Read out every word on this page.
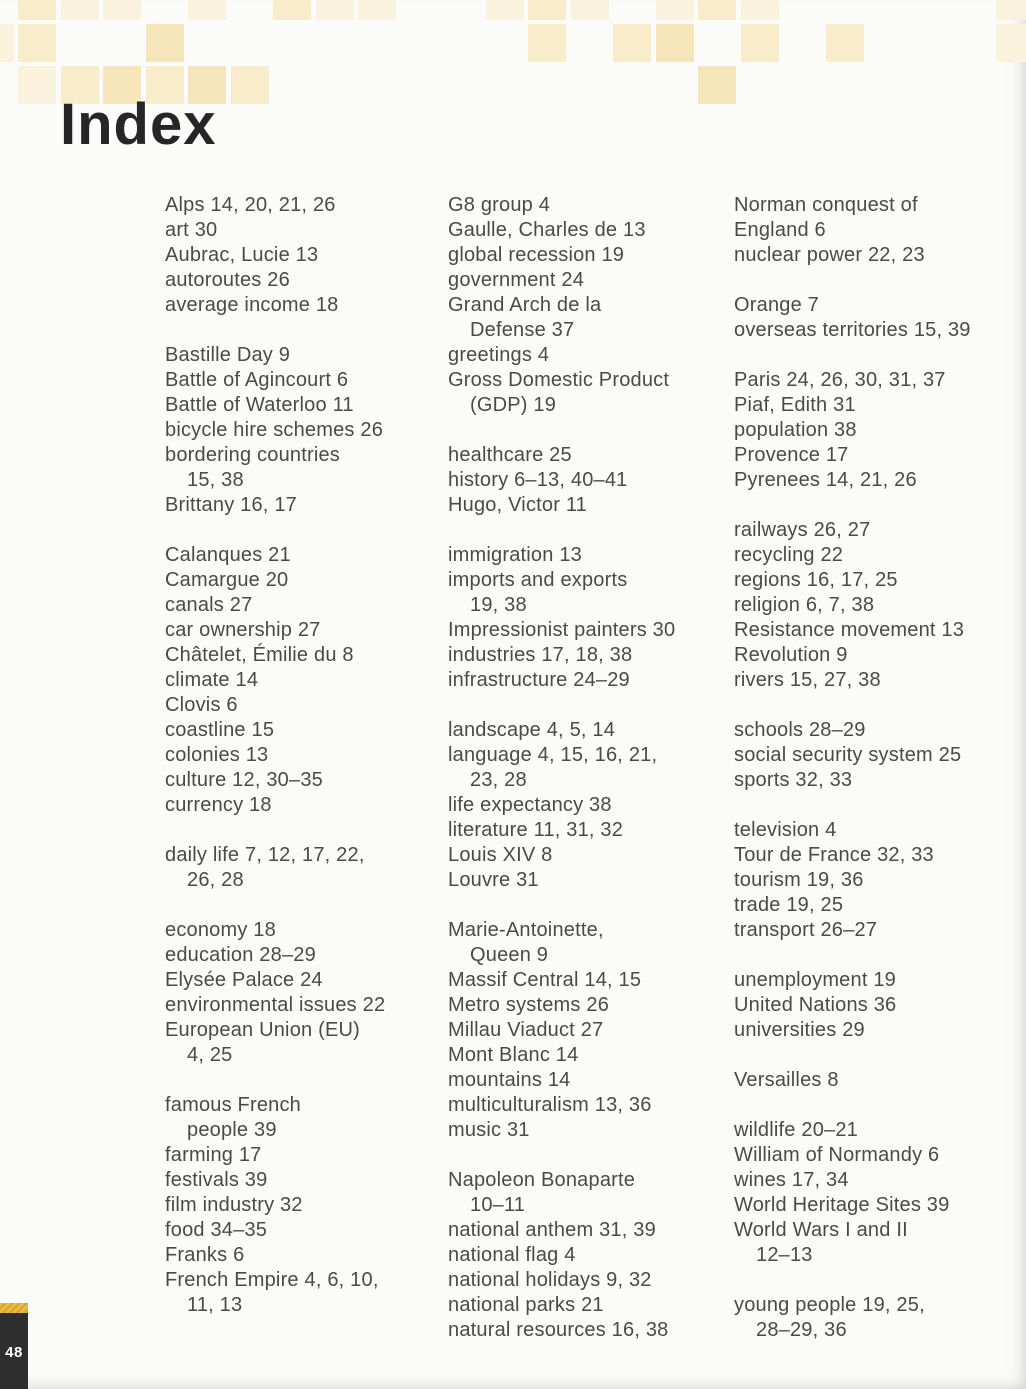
Index
Alps 14, 20, 21, 26
art 30
Aubrac, Lucie 13
autoroutes 26
average income 18
Bastille Day 9
Battle of Agincourt 6
Battle of Waterloo 11
bicycle hire schemes 26
bordering countries
15, 38
Brittany 16, 17
Calanques 21
Camargue 20
canals 27
car ownership 27
Châtelet, Émilie du 8
climate 14
Clovis 6
coastline 15
colonies 13
culture 12, 30–35
currency 18
daily life 7, 12, 17, 22,
26, 28
economy 18
education 28–29
Elysée Palace 24
environmental issues 22
European Union (EU)
4, 25
famous French
people 39
farming 17
festivals 39
film industry 32
food 34–35
Franks 6
French Empire 4, 6, 10,
11, 13
G8 group 4
Gaulle, Charles de 13
global recession 19
government 24
Grand Arch de la
Defense 37
greetings 4
Gross Domestic Product
(GDP) 19
healthcare 25
history 6–13, 40–41
Hugo, Victor 11
immigration 13
imports and exports
19, 38
Impressionist painters 30
industries 17, 18, 38
infrastructure 24–29
landscape 4, 5, 14
language 4, 15, 16, 21,
23, 28
life expectancy 38
literature 11, 31, 32
Louis XIV 8
Louvre 31
Marie-Antoinette,
Queen 9
Massif Central 14, 15
Metro systems 26
Millau Viaduct 27
Mont Blanc 14
mountains 14
multiculturalism 13, 36
music 31
Napoleon Bonaparte
10–11
national anthem 31, 39
national flag 4
national holidays 9, 32
national parks 21
natural resources 16, 38
Norman conquest of
England 6
nuclear power 22, 23
Orange 7
overseas territories 15, 39
Paris 24, 26, 30, 31, 37
Piaf, Edith 31
population 38
Provence 17
Pyrenees 14, 21, 26
railways 26, 27
recycling 22
regions 16, 17, 25
religion 6, 7, 38
Resistance movement 13
Revolution 9
rivers 15, 27, 38
schools 28–29
social security system 25
sports 32, 33
television 4
Tour de France 32, 33
tourism 19, 36
trade 19, 25
transport 26–27
unemployment 19
United Nations 36
universities 29
Versailles 8
wildlife 20–21
William of Normandy 6
wines 17, 34
World Heritage Sites 39
World Wars I and II
12–13
young people 19, 25,
28–29, 36
48
